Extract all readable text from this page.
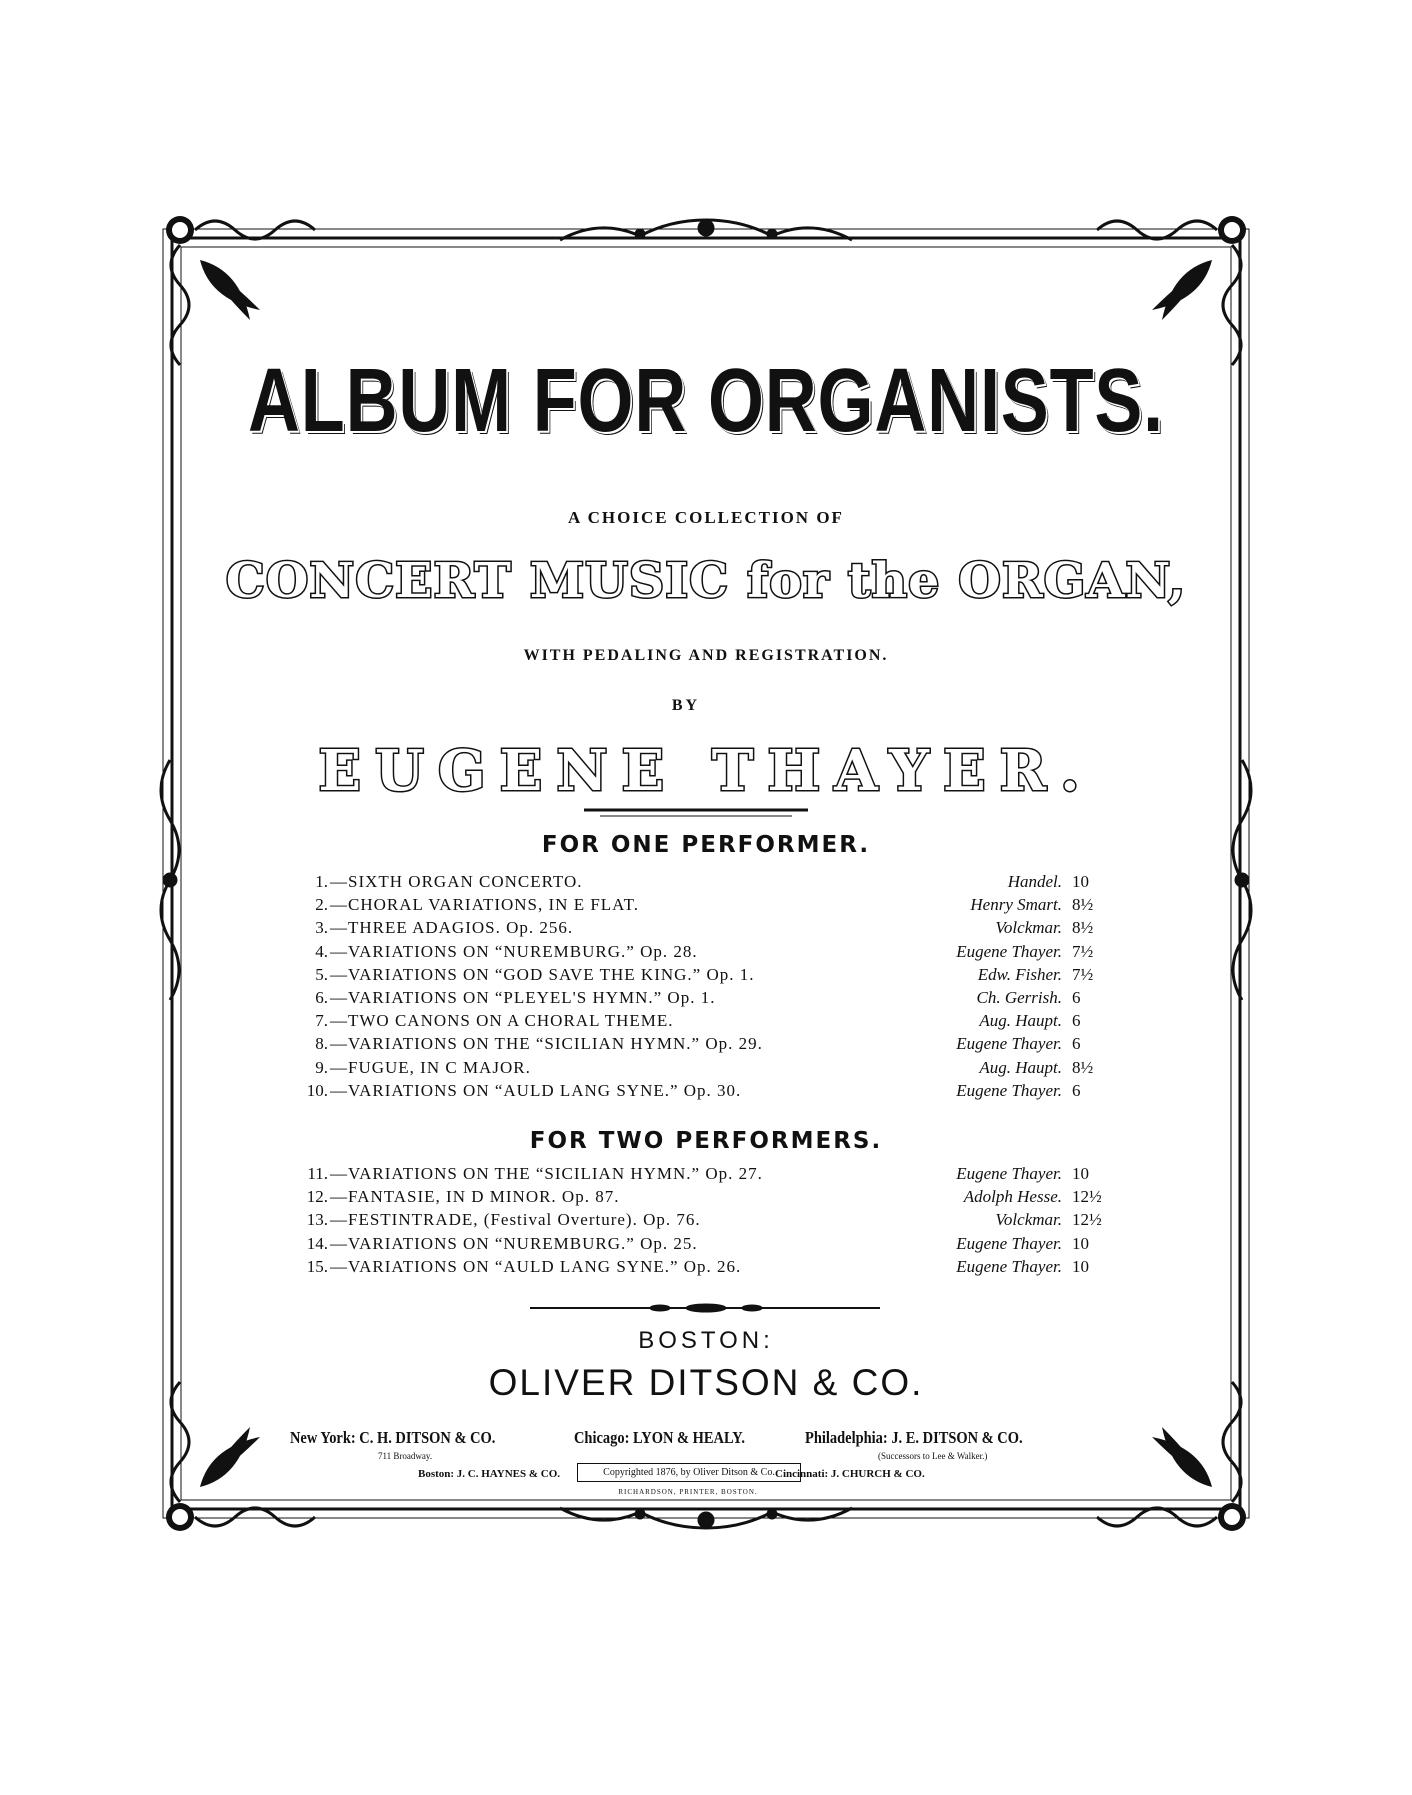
ALBUM FOR ORGANISTS.
A CHOICE COLLECTION OF
CONCERT MUSIC for the ORGAN,
WITH PEDALING AND REGISTRATION.
BY
EUGENE THAYER.
FOR ONE PERFORMER.
1. —SIXTH ORGAN CONCERTO.	Handel. 10
2. —CHORAL VARIATIONS, IN E FLAT.	Henry Smart. 8½
3. —THREE ADAGIOS. Op. 256.	Volckmar. 8½
4. —VARIATIONS ON “NUREMBURG.” Op. 28.	Eugene Thayer. 7½
5. —VARIATIONS ON “GOD SAVE THE KING.” Op. 1.	Edw. Fisher. 7½
6. —VARIATIONS ON “PLEYEL'S HYMN.” Op. 1.	Ch. Gerrish. 6
7. —TWO CANONS ON A CHORAL THEME.	Aug. Haupt. 6
8. —VARIATIONS ON THE “SICILIAN HYMN.” Op. 29.	Eugene Thayer. 6
9. —FUGUE, IN C MAJOR.	Aug. Haupt. 8½
10. —VARIATIONS ON “AULD LANG SYNE.” Op. 30.	Eugene Thayer. 6
FOR TWO PERFORMERS.
11. —VARIATIONS ON THE “SICILIAN HYMN.” Op. 27.	Eugene Thayer. 10
12. —FANTASIE, IN D MINOR. Op. 87.	Adolph Hesse. 12½
13. —FESTINTRADE, (Festival Overture). Op. 76.	Volckmar. 12½
14. —VARIATIONS ON “NUREMBURG.” Op. 25.	Eugene Thayer. 10
15. —VARIATIONS ON “AULD LANG SYNE.” Op. 26.	Eugene Thayer. 10
BOSTON:
OLIVER DITSON & CO.
New York: C. H. DITSON & CO.
711 Broadway.
Chicago: LYON & HEALY.	Philadelphia: J. E. DITSON & CO.
(Successors to Lee & Walker.)
Boston: J. C. HAYNES & CO.	Cincinnati: J. CHURCH & CO.
Copyrighted 1876, by Oliver Ditson & Co.
RICHARDSON, PRINTER, BOSTON.
